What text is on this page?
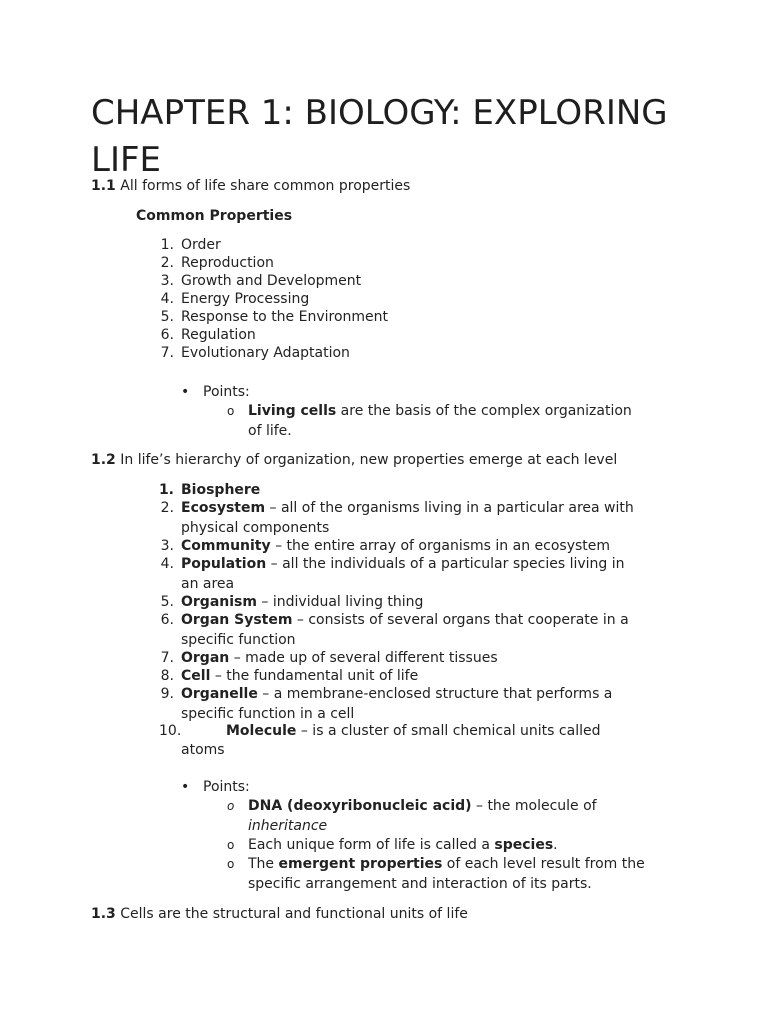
CHAPTER 1: BIOLOGY: EXPLORING LIFE
1.1 All forms of life share common properties
Common Properties
1. Order
2. Reproduction
3. Growth and Development
4. Energy Processing
5. Response to the Environment
6. Regulation
7. Evolutionary Adaptation
• Points:
o Living cells are the basis of the complex organization
of life.
1.2 In life’s hierarchy of organization, new properties emerge at each level
1. Biosphere
2. Ecosystem – all of the organisms living in a particular area with
physical components
3. Community – the entire array of organisms in an ecosystem
4. Population – all the individuals of a particular species living in
an area
5. Organism – individual living thing
6. Organ System – consists of several organs that cooperate in a
specific function
7. Organ – made up of several different tissues
8. Cell – the fundamental unit of life
9. Organelle – a membrane-enclosed structure that performs a
specific function in a cell
10.	Molecule – is a cluster of small chemical units called
atoms
• Points:
o DNA (deoxyribonucleic acid) – the molecule of
inheritance
o Each unique form of life is called a species.
o The emergent properties of each level result from the
specific arrangement and interaction of its parts.
1.3 Cells are the structural and functional units of life
